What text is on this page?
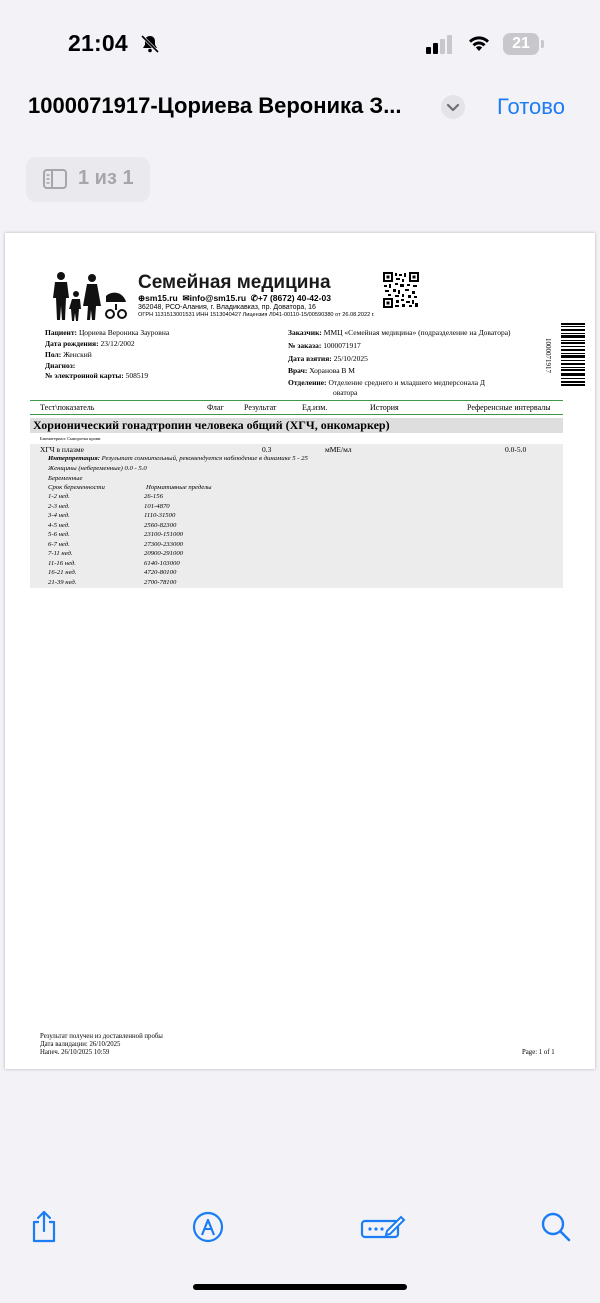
21:04	21
1000071917-Цориева Вероника З...	Готово
1 из 1
Семейная медицина
⊕sm15.ru ✉info@sm15.ru ✆+7 (8672) 40-42-03
362048, РСО-Алания, г. Владикавказ, пр. Доватора, 16
ОГРН 1131513001531 ИНН 1513040427 Лицензия Л041-00110-15/00590380 от 26.08.2022 г.
Пациент: Цориева Вероника Зауровна
Дата рождения: 23/12/2002
Пол: Женский
Диагноз:
№ электронной карты: 508519
Заказчик: ММЦ «Семейная медицина» (подразделение на Доватора)
№ заказа: 1000071917
Дата взятия: 25/10/2025
Врач: Хоранова В М
Отделение: Отделение среднего и младшего медперсонала Д
оватора
1000071917
Тест\показатель	Флаг	Результат	Ед.изм.	История	Референсные интервалы
Хорионический гонадтропин человека общий (ХГЧ, онкомаркер)
Биоматериал: Сыворотка крови
ХГЧ в плазме	0.3	мМЕ/мл	0.0-5.0
Интерпретация: Результат сомнительный, рекомендуется наблюдение в динамике 5 - 25
Женщины (небеременные) 0.0 - 5.0
Беременные
Срок беременности	Нормативные пределы
1-2 нед.	26-156
2-3 нед.	101-4870
3-4 нед.	1110-31500
4-5 нед.	2560-82300
5-6 нед.	23100-151000
6-7 нед.	27300-233000
7-11 нед.	20900-291000
11-16 нед.	6140-103000
16-21 нед.	4720-80100
21-39 нед.	2700-78100
Результат получен из доставленной пробы
Дата валидации: 26/10/2025
Напеч. 26/10/2025 10:59	Page: 1 of 1
